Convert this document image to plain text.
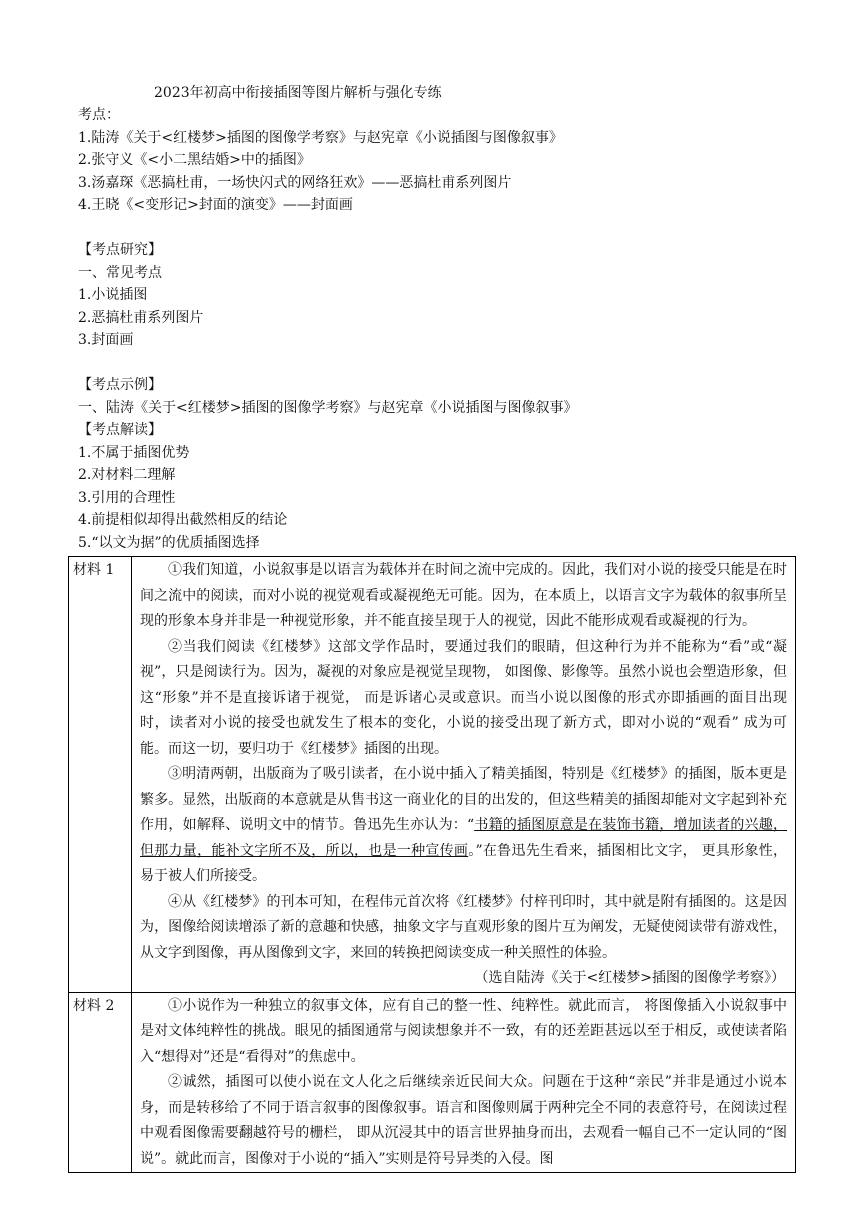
2023年初高中衔接插图等图片解析与强化专练
考点：
1.陆涛《关于<红楼梦>插图的图像学考察》与赵宪章《小说插图与图像叙事》
2.张守义《<小二黑结婚>中的插图》
3.汤嘉琛《恶搞杜甫，一场快闪式的网络狂欢》——恶搞杜甫系列图片
4.王晓《<变形记>封面的演变》——封面画
【考点研究】
一、常见考点
1.小说插图
2.恶搞杜甫系列图片
3.封面画
【考点示例】
一、陆涛《关于<红楼梦>插图的图像学考察》与赵宪章《小说插图与图像叙事》
【考点解读】
1.不属于插图优势
2.对材料二理解
3.引用的合理性
4.前提相似却得出截然相反的结论
5.“以文为据”的优质插图选择
材料 1	①我们知道，小说叙事是以语言为载体并在时间之流中完成的。因此，我们对小说的接受只能是在时间之流中的阅读，而对小说的视觉观看或凝视绝无可能。因为，在本质上，以语言文字为载体的叙事所呈现的形象本身并非是一种视觉形象，并不能直接呈现于人的视觉，因此不能形成观看或凝视的行为。
②当我们阅读《红楼梦》这部文学作品时，要通过我们的眼睛，但这种行为并不能称为“看”或“凝视”，只是阅读行为。因为，凝视的对象应是视觉呈现物， 如图像、影像等。虽然小说也会塑造形象，但这“形象”并不是直接诉诸于视觉， 而是诉诸心灵或意识。而当小说以图像的形式亦即插画的面目出现时，读者对小说的接受也就发生了根本的变化，小说的接受出现了新方式，即对小说的“观看” 成为可能。而这一切，要归功于《红楼梦》插图的出现。
③明清两朝，出版商为了吸引读者，在小说中插入了精美插图，特别是《红楼梦》的插图，版本更是繁多。显然，出版商的本意就是从售书这一商业化的目的出发的，但这些精美的插图却能对文字起到补充作用，如解释、说明文中的情节。鲁迅先生亦认为：“书籍的插图原意是在装饰书籍，增加读者的兴趣，但那力量，能补文字所不及，所以，也是一种宣传画。”在鲁迅先生看来，插图相比文字， 更具形象性，易于被人们所接受。
④从《红楼梦》的刊本可知，在程伟元首次将《红楼梦》付梓刊印时，其中就是附有插图的。这是因为，图像给阅读增添了新的意趣和快感，抽象文字与直观形象的图片互为阐发，无疑使阅读带有游戏性，从文字到图像，再从图像到文字，来回的转换把阅读变成一种关照性的体验。
（选自陆涛《关于<红楼梦>插图的图像学考察》）

材料 2	①小说作为一种独立的叙事文体，应有自己的整一性、纯粹性。就此而言， 将图像插入小说叙事中是对文体纯粹性的挑战。眼见的插图通常与阅读想象并不一致，有的还差距甚远以至于相反，或使读者陷入“想得对”还是“看得对”的焦虑中。
②诚然，插图可以使小说在文人化之后继续亲近民间大众。问题在于这种“亲民”并非是通过小说本身，而是转移给了不同于语言叙事的图像叙事。语言和图像则属于两种完全不同的表意符号，在阅读过程中观看图像需要翻越符号的栅栏， 即从沉浸其中的语言世界抽身而出，去观看一幅自己不一定认同的“图说”。就此而言，图像对于小说的“插入”实则是符号异类的入侵。图
